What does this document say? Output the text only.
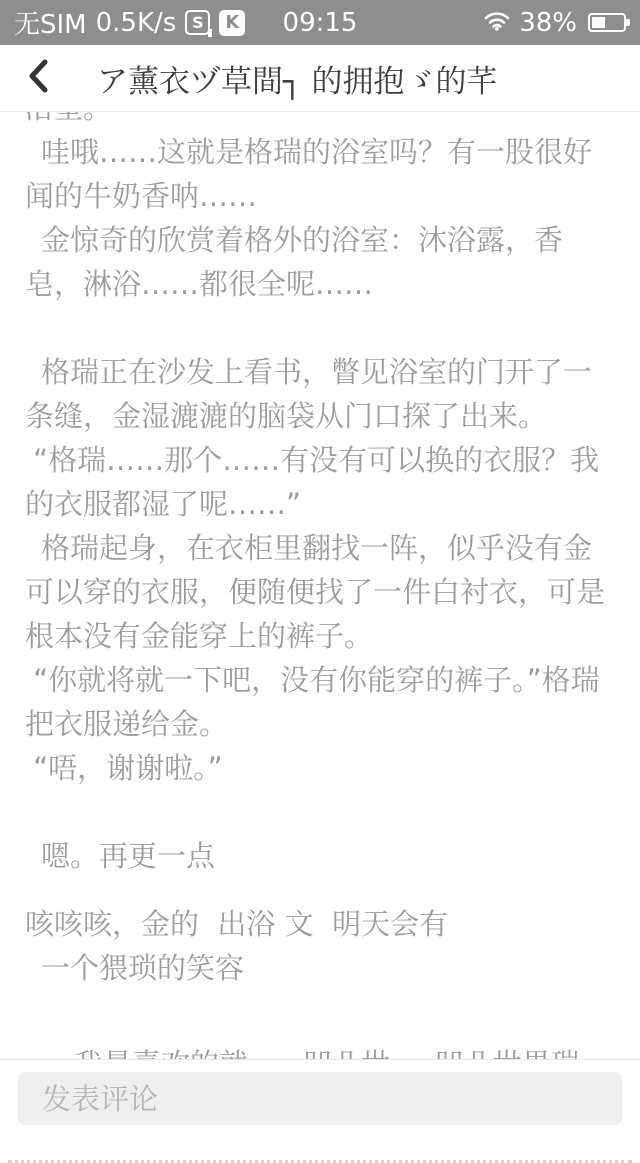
无SIM 0.5K/s S K	09:15	38%
ア薰衣ヅ草間┐ 的拥抱ゞ的芊

哇哦……这就是格瑞的浴室吗？有一股很好闻的牛奶香呐……

金惊奇的欣赏着格外的浴室：沐浴露，香皂，淋浴……都很全呢……

格瑞正在沙发上看书，瞥见浴室的门开了一条缝，金湿漉漉的脑袋从门口探了出来。

“格瑞……那个……有没有可以换的衣服？我的衣服都湿了呢……”

格瑞起身，在衣柜里翻找一阵，似乎没有金可以穿的衣服，便随便找了一件白衬衣，可是根本没有金能穿上的裤子。

“你就将就一下吧，没有你能穿的裤子。”格瑞把衣服递给金。

“唔，谢谢啦。”

嗯。再更一点

咳咳咳，金的  出浴 文  明天会有

一个猥琐的笑容

发表评论
